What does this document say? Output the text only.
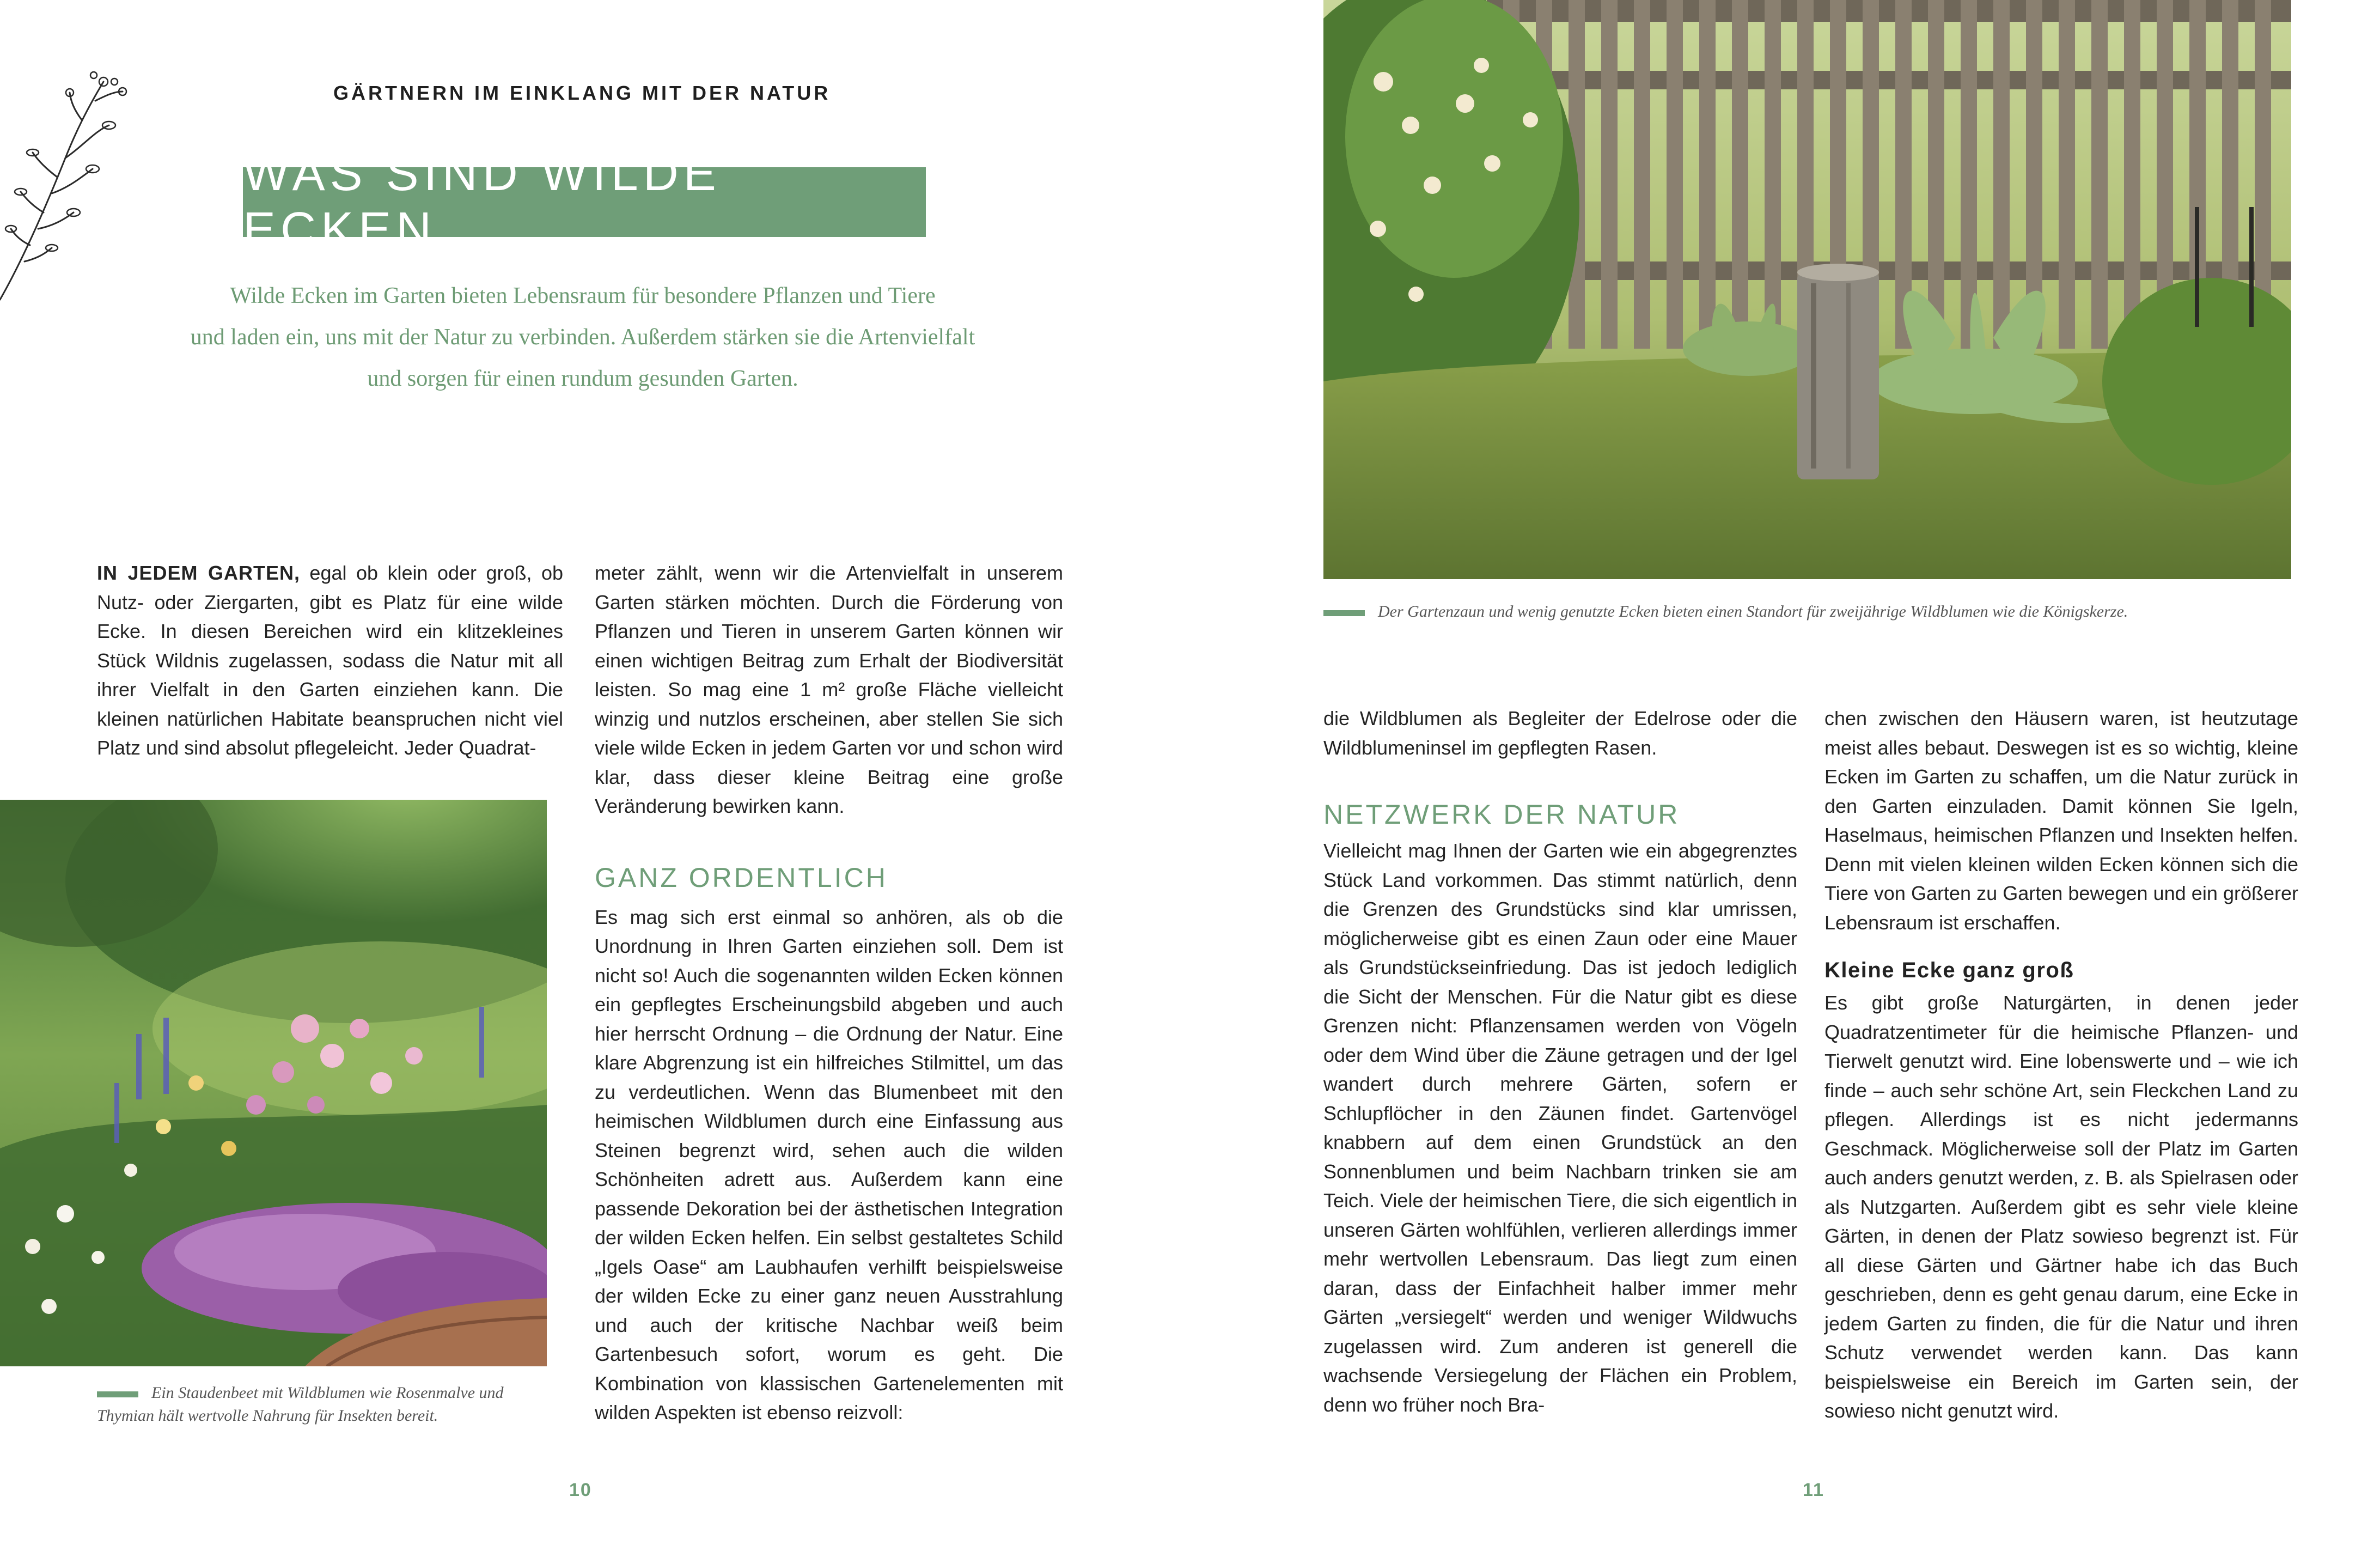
GÄRTNERN IM EINKLANG MIT DER NATUR
WAS SIND WILDE ECKEN
Wilde Ecken im Garten bieten Lebensraum für besondere Pflanzen und Tiere
und laden ein, uns mit der Natur zu verbinden. Außerdem stärken sie die Artenvielfalt
und sorgen für einen rundum gesunden Garten.

IN JEDEM GARTEN, egal ob klein oder groß, ob Nutz- oder Ziergarten, gibt es Platz für eine wilde Ecke. In diesen Bereichen wird ein klitzekleines Stück Wildnis zugelassen, sodass die Natur mit all ihrer Vielfalt in den Garten einziehen kann. Die kleinen natürlichen Habitate beanspruchen nicht viel Platz und sind absolut pflegeleicht. Jeder Quadrat-

Ein Staudenbeet mit Wildblumen wie Rosenmalve und Thymian hält wertvolle Nahrung für Insekten bereit.

meter zählt, wenn wir die Artenvielfalt in unserem Garten stärken möchten. Durch die Förderung von Pflanzen und Tieren in unserem Garten können wir einen wichtigen Beitrag zum Erhalt der Biodiversität leisten. So mag eine 1 m² große Fläche vielleicht winzig und nutzlos erscheinen, aber stellen Sie sich viele wilde Ecken in jedem Garten vor und schon wird klar, dass dieser kleine Beitrag eine große Veränderung bewirken kann.

GANZ ORDENTLICH

Es mag sich erst einmal so anhören, als ob die Unordnung in Ihren Garten einziehen soll. Dem ist nicht so! Auch die sogenannten wilden Ecken können ein gepflegtes Erscheinungsbild abgeben und auch hier herrscht Ordnung – die Ordnung der Natur. Eine klare Abgrenzung ist ein hilfreiches Stilmittel, um das zu verdeutlichen. Wenn das Blumenbeet mit den heimischen Wildblumen durch eine Einfassung aus Steinen begrenzt wird, sehen auch die wilden Schönheiten adrett aus. Außerdem kann eine passende Dekoration bei der ästhetischen Integration der wilden Ecken helfen. Ein selbst gestaltetes Schild „Igels Oase“ am Laubhaufen verhilft beispielsweise der wilden Ecke zu einer ganz neuen Ausstrahlung und auch der kritische Nachbar weiß beim Gartenbesuch sofort, worum es geht. Die Kombination von klassischen Gartenelementen mit wilden Aspekten ist ebenso reizvoll:

10
Der Gartenzaun und wenig genutzte Ecken bieten einen Standort für zweijährige Wildblumen wie die Königskerze.

die Wildblumen als Begleiter der Edelrose oder die Wildblumeninsel im gepflegten Rasen.

NETZWERK DER NATUR

Vielleicht mag Ihnen der Garten wie ein abgegrenztes Stück Land vorkommen. Das stimmt natürlich, denn die Grenzen des Grundstücks sind klar umrissen, möglicherweise gibt es einen Zaun oder eine Mauer als Grundstückseinfriedung. Das ist jedoch lediglich die Sicht der Menschen. Für die Natur gibt es diese Grenzen nicht: Pflanzensamen werden von Vögeln oder dem Wind über die Zäune getragen und der Igel wandert durch mehrere Gärten, sofern er Schlupflöcher in den Zäunen findet. Gartenvögel knabbern auf dem einen Grundstück an den Sonnenblumen und beim Nachbarn trinken sie am Teich. Viele der heimischen Tiere, die sich eigentlich in unseren Gärten wohlfühlen, verlieren allerdings immer mehr wertvollen Lebensraum. Das liegt zum einen daran, dass der Einfachheit halber immer mehr Gärten „versiegelt“ werden und weniger Wildwuchs zugelassen wird. Zum anderen ist generell die wachsende Versiegelung der Flächen ein Problem, denn wo früher noch Bra-

chen zwischen den Häusern waren, ist heutzutage meist alles bebaut. Deswegen ist es so wichtig, kleine Ecken im Garten zu schaffen, um die Natur zurück in den Garten einzuladen. Damit können Sie Igeln, Haselmaus, heimischen Pflanzen und Insekten helfen. Denn mit vielen kleinen wilden Ecken können sich die Tiere von Garten zu Garten bewegen und ein größerer Lebensraum ist erschaffen.

Kleine Ecke ganz groß

Es gibt große Naturgärten, in denen jeder Quadratzentimeter für die heimische Pflanzen- und Tierwelt genutzt wird. Eine lobenswerte und – wie ich finde – auch sehr schöne Art, sein Fleckchen Land zu pflegen. Allerdings ist es nicht jedermanns Geschmack. Möglicherweise soll der Platz im Garten auch anders genutzt werden, z. B. als Spielrasen oder als Nutzgarten. Außerdem gibt es sehr viele kleine Gärten, in denen der Platz sowieso begrenzt ist. Für all diese Gärten und Gärtner habe ich das Buch geschrieben, denn es geht genau darum, eine Ecke in jedem Garten zu finden, die für die Natur und ihren Schutz verwendet werden kann. Das kann beispielsweise ein Bereich im Garten sein, der sowieso nicht genutzt wird.

11
